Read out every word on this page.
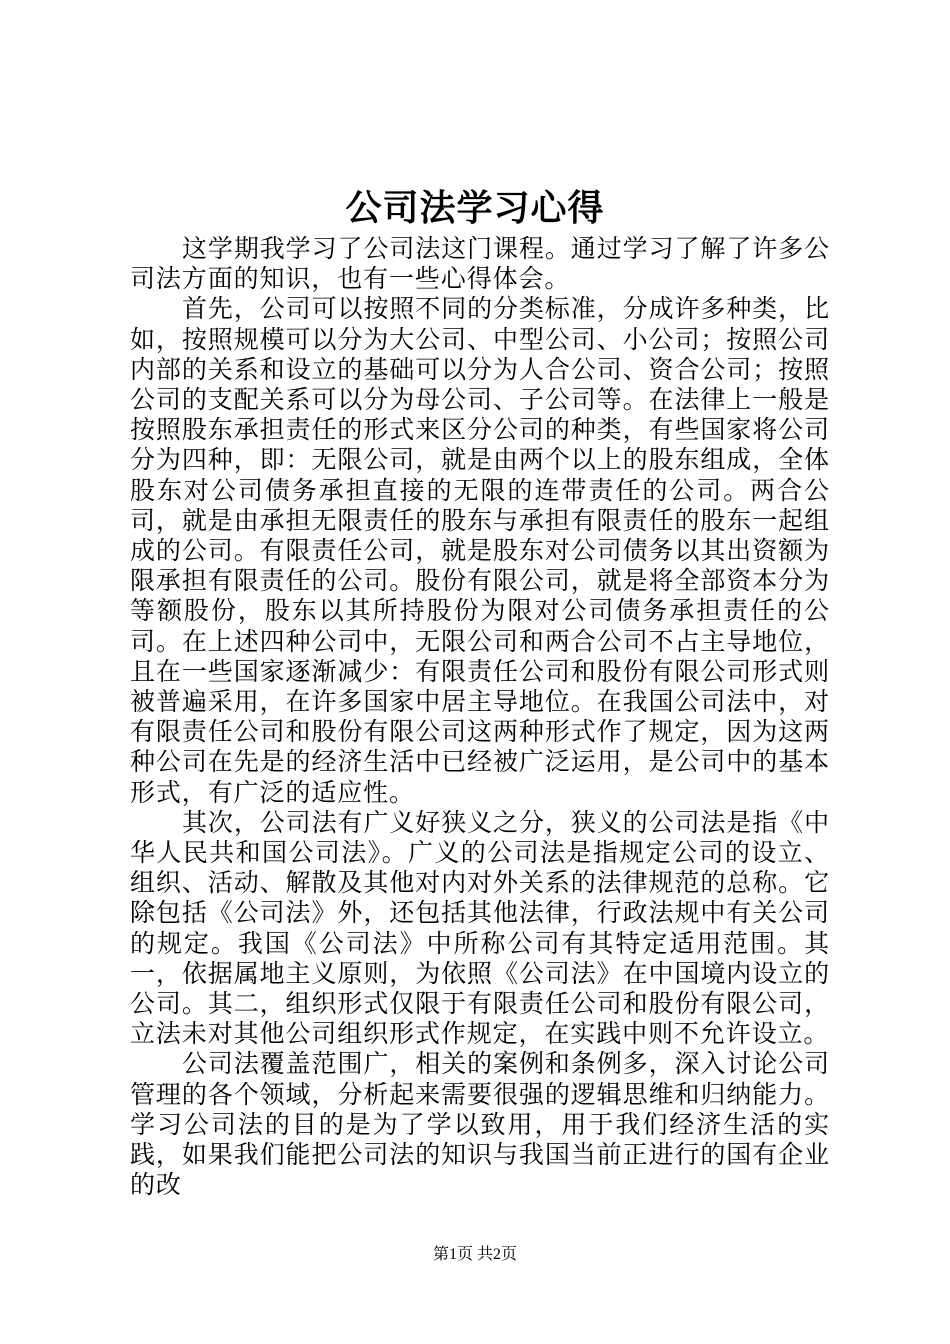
公司法学习心得

这学期我学习了公司法这门课程。通过学习了解了许多公司法方面的知识，也有一些心得体会。

首先，公司可以按照不同的分类标准，分成许多种类，比如，按照规模可以分为大公司、中型公司、小公司；按照公司内部的关系和设立的基础可以分为人合公司、资合公司；按照公司的支配关系可以分为母公司、子公司等。在法律上一般是按照股东承担责任的形式来区分公司的种类，有些国家将公司分为四种，即：无限公司，就是由两个以上的股东组成，全体股东对公司债务承担直接的无限的连带责任的公司。两合公司，就是由承担无限责任的股东与承担有限责任的股东一起组成的公司。有限责任公司，就是股东对公司债务以其出资额为限承担有限责任的公司。股份有限公司，就是将全部资本分为等额股份，股东以其所持股份为限对公司债务承担责任的公司。在上述四种公司中，无限公司和两合公司不占主导地位，且在一些国家逐渐减少：有限责任公司和股份有限公司形式则被普遍采用，在许多国家中居主导地位。在我国公司法中，对有限责任公司和股份有限公司这两种形式作了规定，因为这两种公司在先是的经济生活中已经被广泛运用，是公司中的基本形式，有广泛的适应性。

其次，公司法有广义好狭义之分，狭义的公司法是指《中华人民共和国公司法》。广义的公司法是指规定公司的设立、组织、活动、解散及其他对内对外关系的法律规范的总称。它除包括《公司法》外，还包括其他法律，行政法规中有关公司的规定。我国《公司法》中所称公司有其特定适用范围。其一，依据属地主义原则，为依照《公司法》在中国境内设立的公司。其二，组织形式仅限于有限责任公司和股份有限公司，立法未对其他公司组织形式作规定，在实践中则不允许设立。

公司法覆盖范围广，相关的案例和条例多，深入讨论公司管理的各个领域，分析起来需要很强的逻辑思维和归纳能力。学习公司法的目的是为了学以致用，用于我们经济生活的实践，如果我们能把公司法的知识与我国当前正进行的国有企业的改

第1页 共2页
